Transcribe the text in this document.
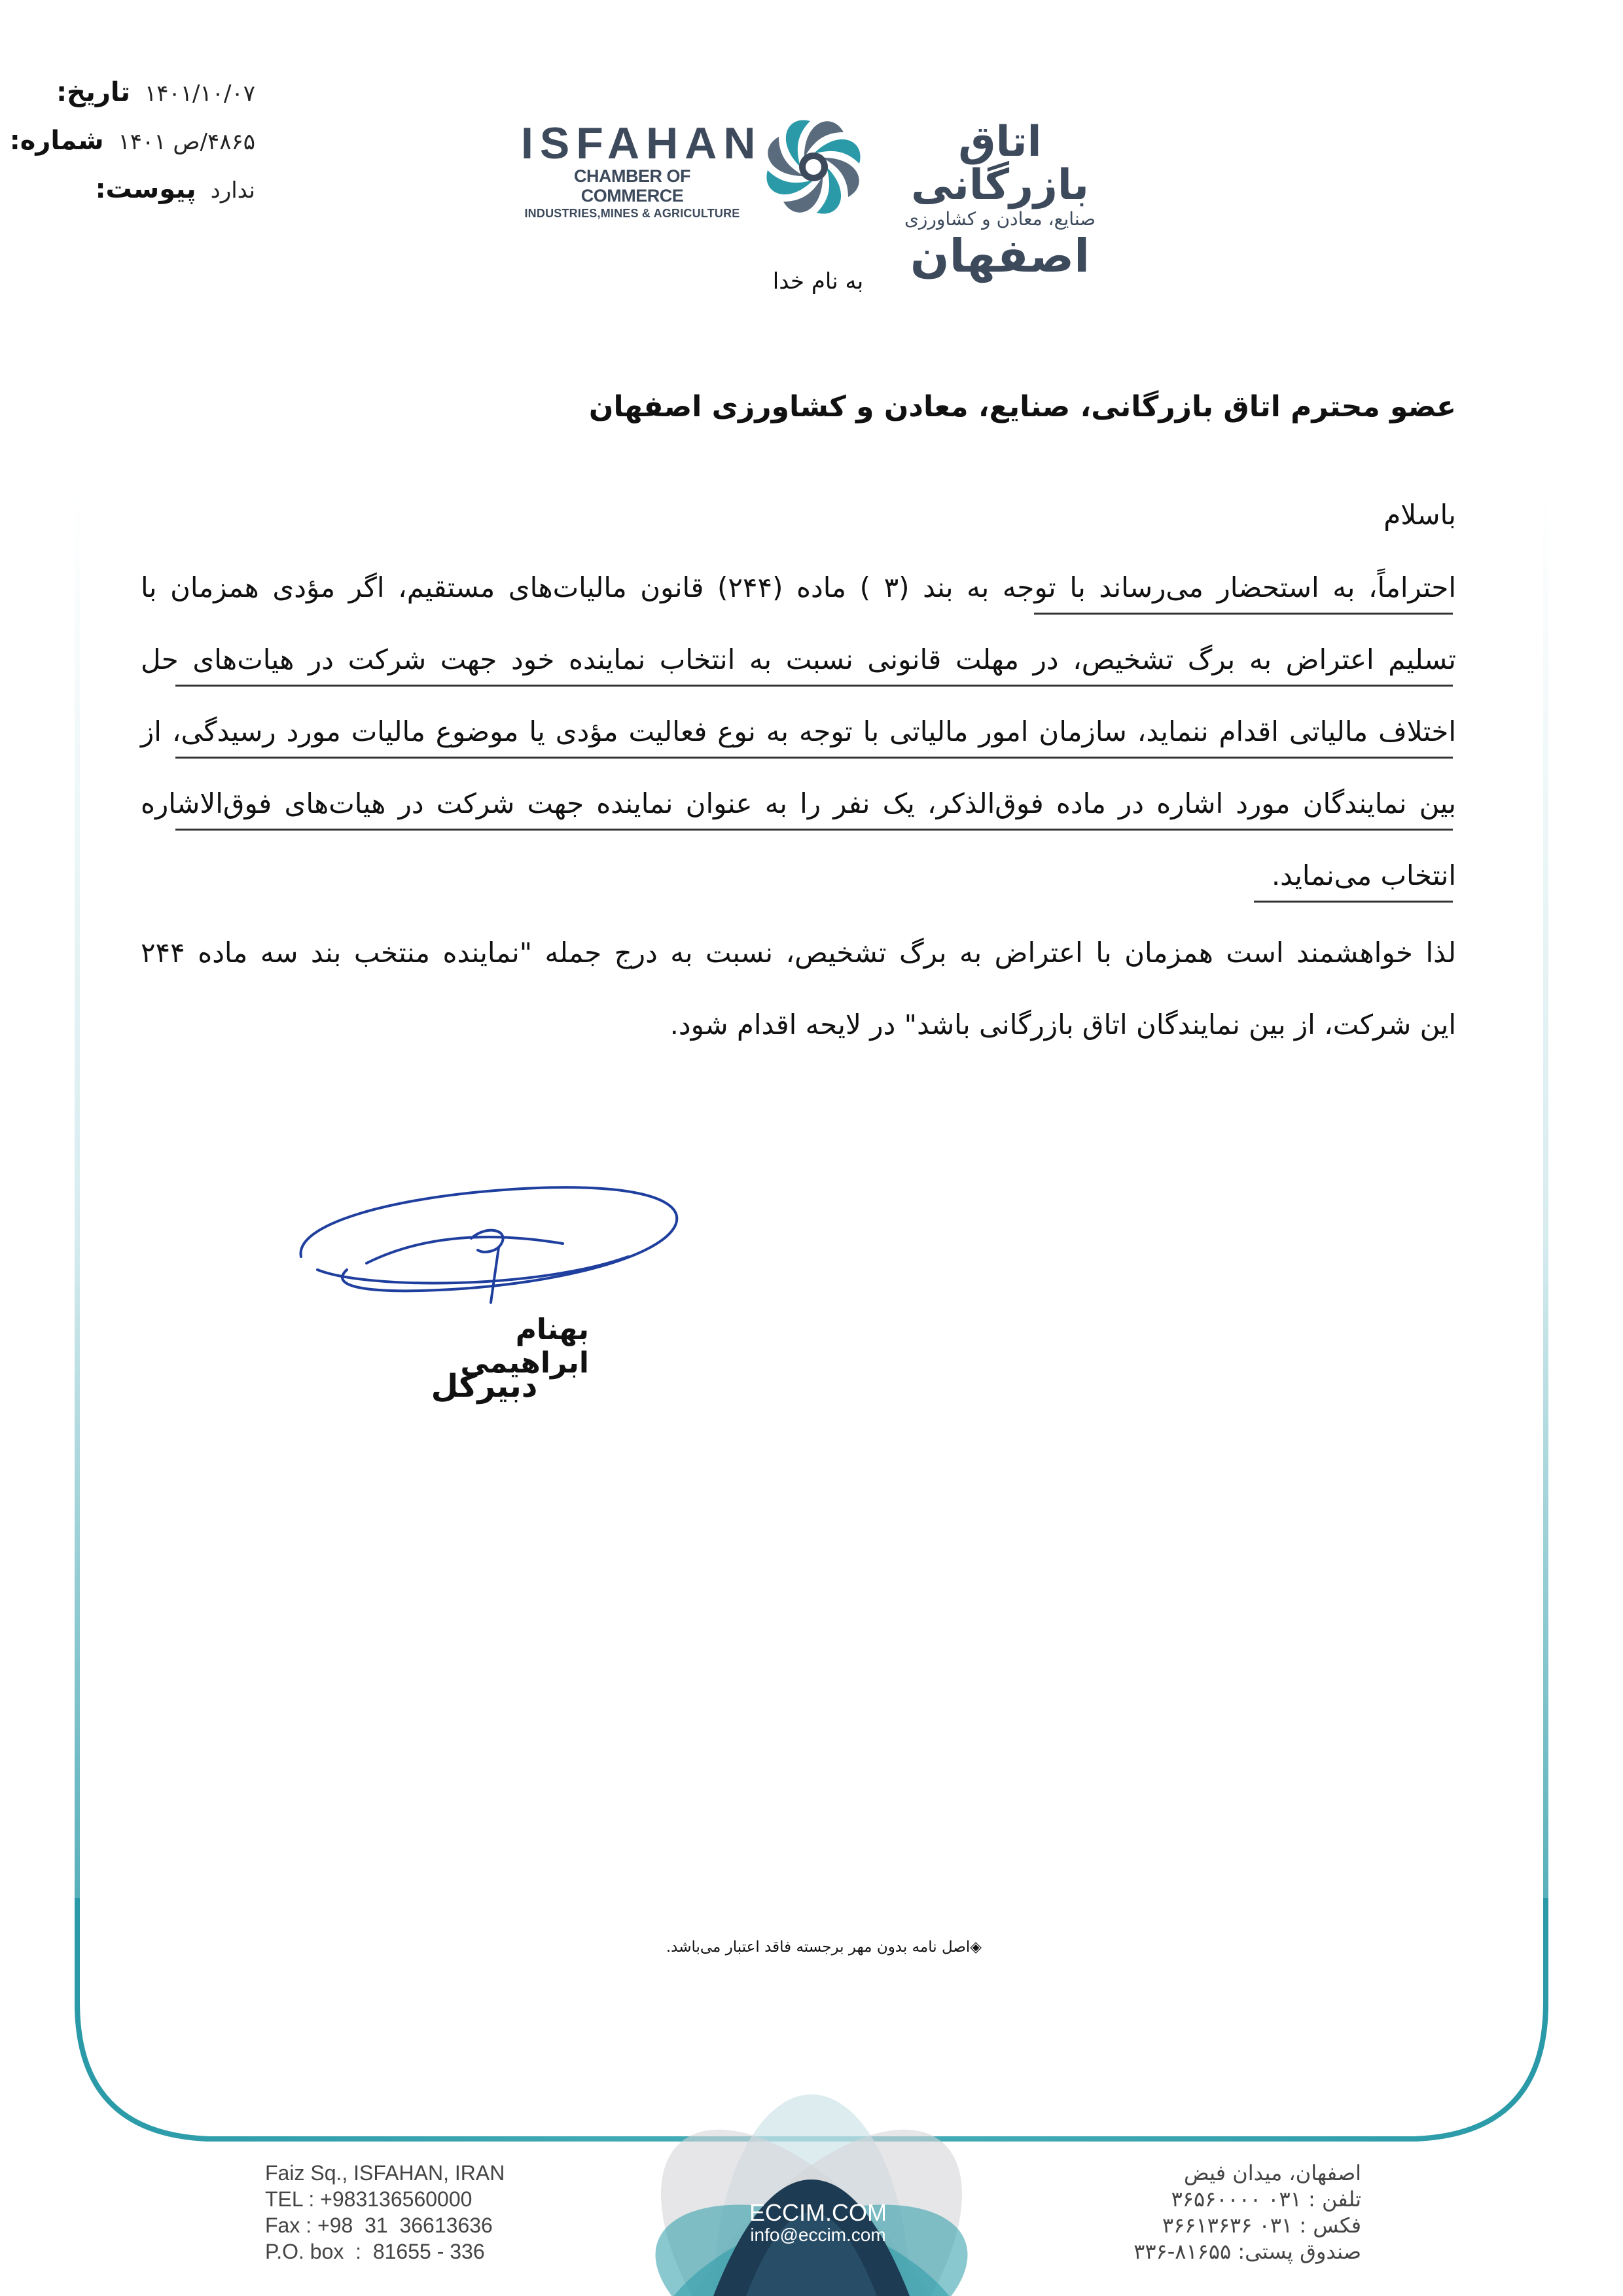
تاریخ: ۱۴۰۱/۱۰/۰۷
شماره: ۴۸۶۵/ص ۱۴۰۱
پیوست: ندارد
ISFAHAN
CHAMBER OF COMMERCE
INDUSTRIES,MINES & AGRICULTURE
اتاق بازرگانی
صنایع، معادن و کشاورزی
اصفهان
به نام خدا
عضو محترم اتاق بازرگانی، صنایع، معادن و کشاورزی اصفهان
باسلام
احتراماً، به استحضار می‌رساند با توجه به بند (۳ ) ماده (۲۴۴) قانون مالیات‌های مستقیم، اگر مؤدی همزمان با
تسلیم اعتراض به برگ تشخیص، در مهلت قانونی نسبت به انتخاب نماینده خود جهت شرکت در هیات‌های حل
اختلاف مالیاتی اقدام ننماید، سازمان امور مالیاتی با توجه به نوع فعالیت مؤدی یا موضوع مالیات مورد رسیدگی، از
بین نمایندگان مورد اشاره در ماده فوق‌الذکر، یک نفر را به عنوان نماینده جهت شرکت در هیات‌های فوق‌الاشاره
انتخاب می‌نماید.
لذا خواهشمند است همزمان با اعتراض به برگ تشخیص، نسبت به درج جمله "نماینده منتخب بند سه ماده ۲۴۴
این شرکت، از بین نمایندگان اتاق بازرگانی باشد" در لایحه اقدام شود.
بهنام ابراهیمی
دبیرکل
◈اصل نامه بدون مهر برجسته فاقد اعتبار می‌باشد.
Faiz Sq., ISFAHAN, IRAN
TEL : +983136560000
Fax : +98  31  36613636
P.O. box  :  81655 - 336
ECCIM.COM
info@eccim.com
اصفهان، میدان فیض
تلفن : ۰۳۱ ۳۶۵۶۰۰۰۰
فکس : ۰۳۱ ۳۶۶۱۳۶۳۶
صندوق پستی: ۸۱۶۵۵-۳۳۶
